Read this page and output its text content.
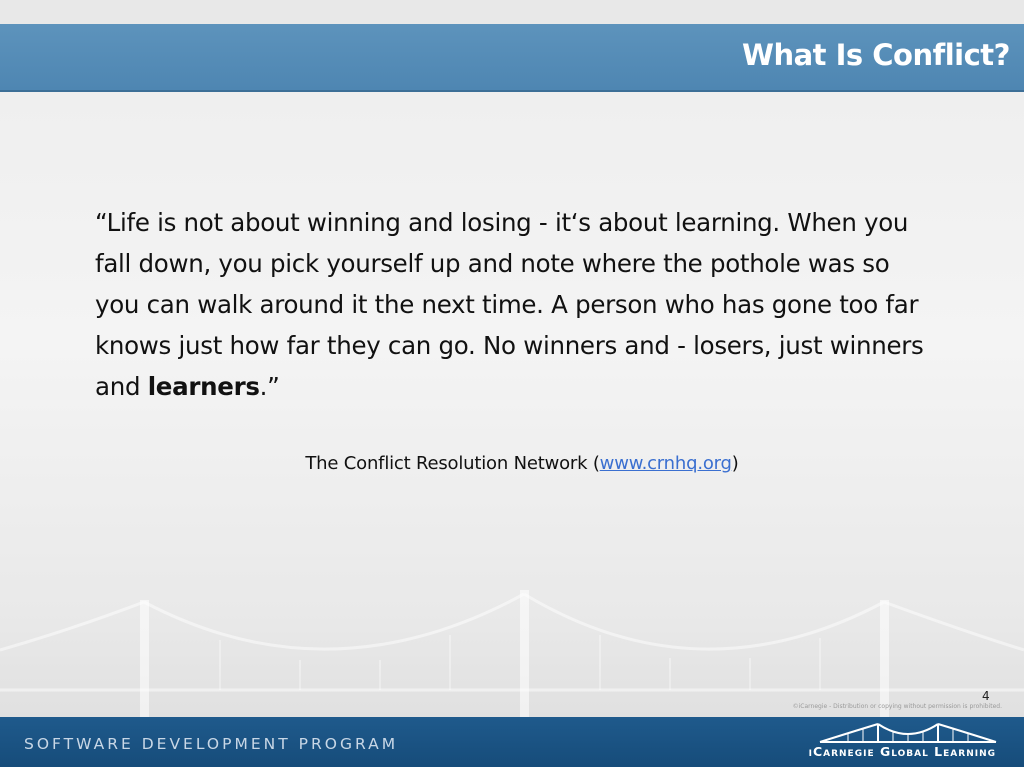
What Is Conflict?

“Life is not about winning and losing - it‘s about learning. When you fall down, you pick yourself up and note where the pothole was so you can walk around it the next time. A person who has gone too far knows just how far they can go. No winners and - losers, just winners and learners.”

The Conflict Resolution Network (www.crnhq.org)

4
©iCarnegie - Distribution or copying without permission is prohibited.
SOFTWARE DEVELOPMENT PROGRAM	iCarnegie Global Learning
